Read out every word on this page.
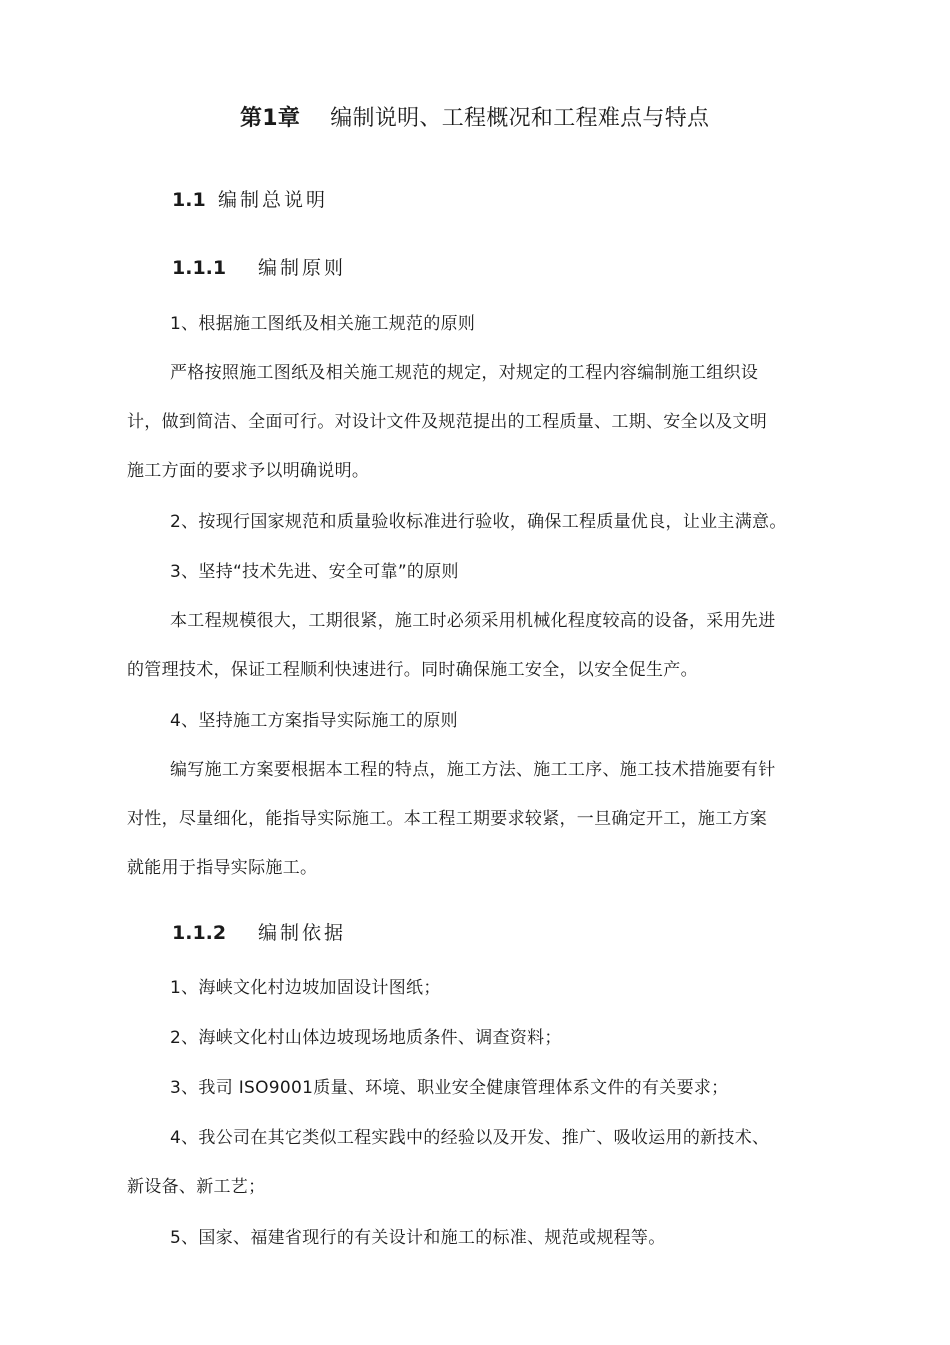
第1章 编制说明、工程概况和工程难点与特点
1.1 编制总说明
1.1.1 编制原则
1、根据施工图纸及相关施工规范的原则
严格按照施工图纸及相关施工规范的规定，对规定的工程内容编制施工组织设
计，做到简洁、全面可行。对设计文件及规范提出的工程质量、工期、安全以及文明
施工方面的要求予以明确说明。
2、按现行国家规范和质量验收标准进行验收，确保工程质量优良，让业主满意。
3、坚持“技术先进、安全可靠”的原则
本工程规模很大，工期很紧，施工时必须采用机械化程度较高的设备，采用先进
的管理技术，保证工程顺利快速进行。同时确保施工安全，以安全促生产。
4、坚持施工方案指导实际施工的原则
编写施工方案要根据本工程的特点，施工方法、施工工序、施工技术措施要有针
对性，尽量细化，能指导实际施工。本工程工期要求较紧，一旦确定开工，施工方案
就能用于指导实际施工。
1.1.2 编制依据
1、海峡文化村边坡加固设计图纸；
2、海峡文化村山体边坡现场地质条件、调查资料；
3、我司 ISO9001质量、环境、职业安全健康管理体系文件的有关要求；
4、我公司在其它类似工程实践中的经验以及开发、推广、吸收运用的新技术、
新设备、新工艺；
5、国家、福建省现行的有关设计和施工的标准、规范或规程等。
